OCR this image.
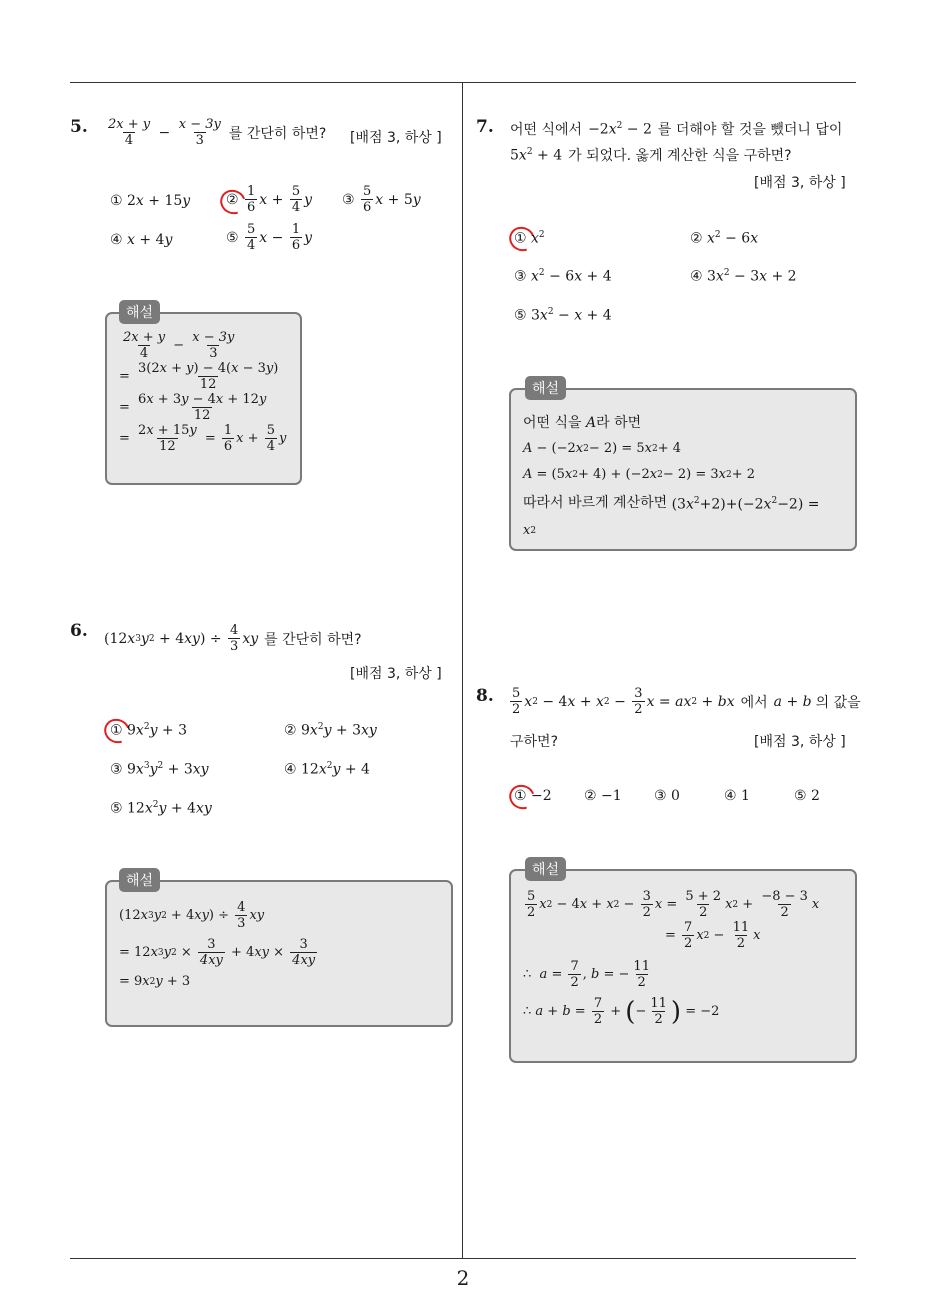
5. $\frac{2x + y}{4} - \frac{x - 3y}{3}$ 를 간단히 하면? [배점 3, 하상 ]
① 2x + 15y	② $\frac{1}{6}$ $x + \frac{5}{4}$ y ③ $\frac{5}{6}$ x + 5 y
④ x + 4y	⑤ $\frac{5}{4}$ $x - \frac{1}{6}$ y
$\frac{2x + y}{4} - \frac{x - 3y}{3}$
= $\frac{3(2x + y) - 4(x - 3y)}{12}$
= $\frac{6x + 3y - 4x + 12y}{12}$
= $\frac{2x + 15y}{12} = \frac{1}{6}$ $x + \frac{5}{4}$ y
해설
6. (12 x 3 y 2 + 4 xy ) ÷ $\frac{4}{3}$ xy 를 간단히 하면?
[배점 3, 하상 ]
① $9x^2y + 3$	② $9x^2y + 3xy$
③ $9x^3y^2 + 3xy$	④ $12x^2y + 4$
⑤ $12x^2y + 4xy$
(12 x 3 y 2 + 4 xy ) ÷ $\frac{4}{3}$ xy
= 12 x 3 y $2 \times \frac{3}{4xy} + 4$ xy × $\frac{3}{4xy}$
= 9 x 2 y + 3
해설
7. 어떤 식에서 $-2x^2 - 2$ 를 더해야 할 것을 뺐더니 답이
$5x^2 + 4$ 가 되었다. 옳게 계산한 식을 구하면?
[배점 3, 하상 ]
① $x^2$	② $x^2 - 6x$
③ $x^2 - 6x + 4$	④ $3x^2 - 3x + 2$
⑤ $3x^2 - x + 4$
어떤 식을 A 라 하면
A − (−2 x 2 − 2) = 5 x 2 + 4
A = (5 x 2 + 4) + (−2 x 2 − 2) = 3 x 2 + 2
따라서 바르게 계산하면 $(3x^2+2)+(-2x^2-2)$ =
x 2
해설
8. $\frac{5}{2}$ x 2 − 4 x + x $2 - \frac{3}{2}$ x = ax 2 + bx 에서 a + b 의 값을
구하면?	[배점 3, 하상 ]
① −2 ② −1 ③ 0	④ 1	⑤ 2
$\frac{5}{2}$ x 2 − 4 x + x $2 - \frac{3}{2}$ $x = \frac{5 + 2}{2}$ x $2 + \frac{-8 - 3}{2}$ x
= $\frac{7}{2}$ x $2 - \frac{11}{2}$ x
∴ $a = \frac{7}{2}$ , b = − $\frac{11}{2}$
∴ $a + b = \frac{7}{2}$ + ( − $\frac{11}{2}$ ) = −2
해설
2
